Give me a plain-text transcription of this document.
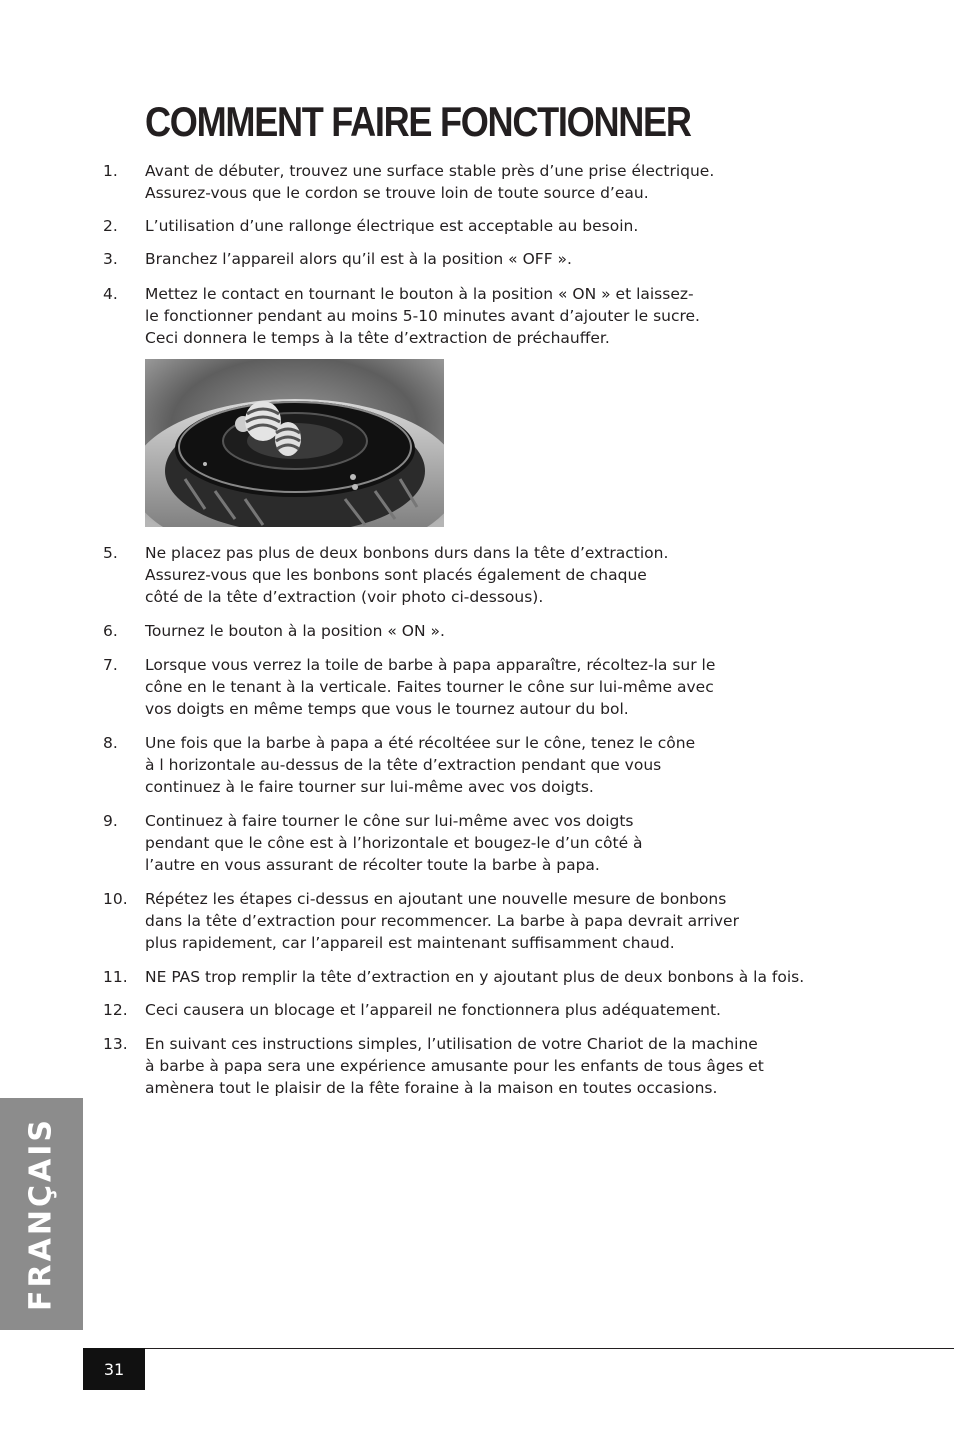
COMMENT FAIRE FONCTIONNER
1. Avant de débuter, trouvez une surface stable près d’une prise électrique.
Assurez-vous que le cordon se trouve loin de toute source d’eau.
2. L’utilisation d’une rallonge électrique est acceptable au besoin.
3. Branchez l’appareil alors qu’il est à la position « OFF ».
4. Mettez le contact en tournant le bouton à la position « ON » et laissez-
le fonctionner pendant au moins 5-10 minutes avant d’ajouter le sucre.
Ceci donnera le temps à la tête d’extraction de préchauffer.
5. Ne placez pas plus de deux bonbons durs dans la tête d’extraction.
Assurez-vous que les bonbons sont placés également de chaque
côté de la tête d’extraction (voir photo ci-dessous).
6. Tournez le bouton à la position « ON ».
7. Lorsque vous verrez la toile de barbe à papa apparaître, récoltez-la sur le
cône en le tenant à la verticale. Faites tourner le cône sur lui-même avec
vos doigts en même temps que vous le tournez autour du bol.
8. Une fois que la barbe à papa a été récoltéee sur le cône, tenez le cône
à l horizontale au-dessus de la tête d’extraction pendant que vous
continuez à le faire tourner sur lui-même avec vos doigts.
9. Continuez à faire tourner le cône sur lui-même avec vos doigts
pendant que le cône est à l’horizontale et bougez-le d’un côté à
l’autre en vous assurant de récolter toute la barbe à papa.
10. Répétez les étapes ci-dessus en ajoutant une nouvelle mesure de bonbons
dans la tête d’extraction pour recommencer. La barbe à papa devrait arriver
plus rapidement, car l’appareil est maintenant suffisamment chaud.
11. NE PAS trop remplir la tête d’extraction en y ajoutant plus de deux bonbons à la fois.
12. Ceci causera un blocage et l’appareil ne fonctionnera plus adéquatement.
13. En suivant ces instructions simples, l’utilisation de votre Chariot de la machine
à barbe à papa sera une expérience amusante pour les enfants de tous âges et
amènera tout le plaisir de la fête foraine à la maison en toutes occasions.
FRANÇAIS
31
